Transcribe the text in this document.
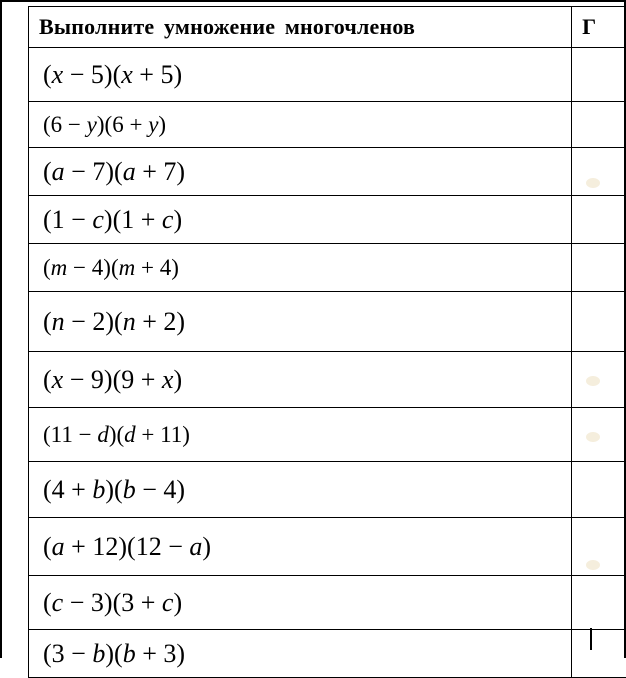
Выполните умножение многочленов	Г
(x − 5)(x + 5)	
(6 − y)(6 + y)	
(a − 7)(a + 7)	
(1 − c)(1 + c)	
(m − 4)(m + 4)	
(n − 2)(n + 2)	
(x − 9)(9 + x)	
(11 − d)(d + 11)	
(4 + b)(b − 4)	
(a + 12)(12 − a)	
(c − 3)(3 + c)	
(3 − b)(b + 3)	
